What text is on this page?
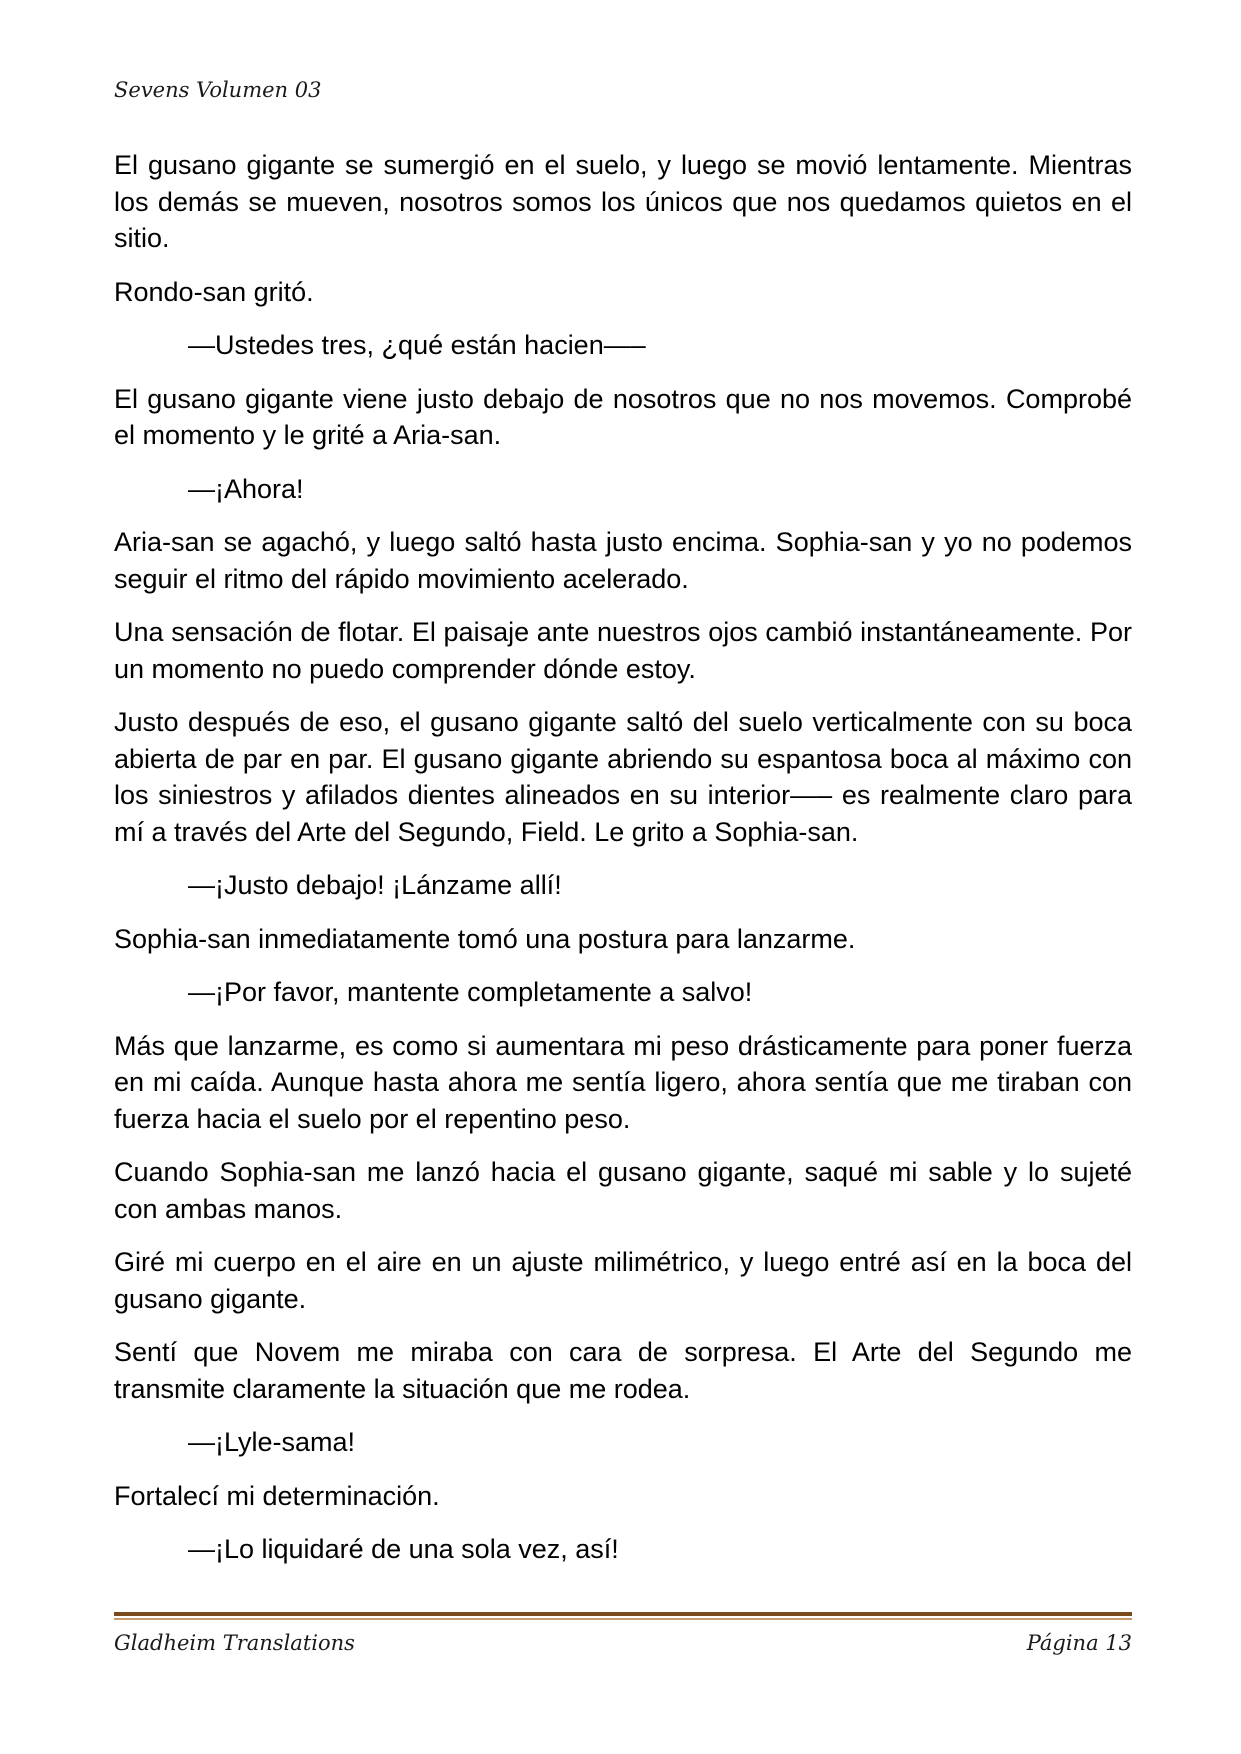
Sevens Volumen 03

El gusano gigante se sumergió en el suelo, y luego se movió lentamente. Mientras los demás se mueven, nosotros somos los únicos que nos quedamos quietos en el sitio.

Rondo-san gritó.

—Ustedes tres, ¿qué están hacien—–

El gusano gigante viene justo debajo de nosotros que no nos movemos. Comprobé el momento y le grité a Aria-san.

—¡Ahora!

Aria-san se agachó, y luego saltó hasta justo encima. Sophia-san y yo no podemos seguir el ritmo del rápido movimiento acelerado.

Una sensación de flotar. El paisaje ante nuestros ojos cambió instantáneamente. Por un momento no puedo comprender dónde estoy.

Justo después de eso, el gusano gigante saltó del suelo verticalmente con su boca abierta de par en par. El gusano gigante abriendo su espantosa boca al máximo con los siniestros y afilados dientes alineados en su interior—– es realmente claro para mí a través del Arte del Segundo, Field. Le grito a Sophia-san.

—¡Justo debajo! ¡Lánzame allí!

Sophia-san inmediatamente tomó una postura para lanzarme.

—¡Por favor, mantente completamente a salvo!

Más que lanzarme, es como si aumentara mi peso drásticamente para poner fuerza en mi caída. Aunque hasta ahora me sentía ligero, ahora sentía que me tiraban con fuerza hacia el suelo por el repentino peso.

Cuando Sophia-san me lanzó hacia el gusano gigante, saqué mi sable y lo sujeté con ambas manos.

Giré mi cuerpo en el aire en un ajuste milimétrico, y luego entré así en la boca del gusano gigante.

Sentí que Novem me miraba con cara de sorpresa. El Arte del Segundo me transmite claramente la situación que me rodea.

—¡Lyle-sama!

Fortalecí mi determinación.

—¡Lo liquidaré de una sola vez, así!

Gladheim Translations	Página 13
